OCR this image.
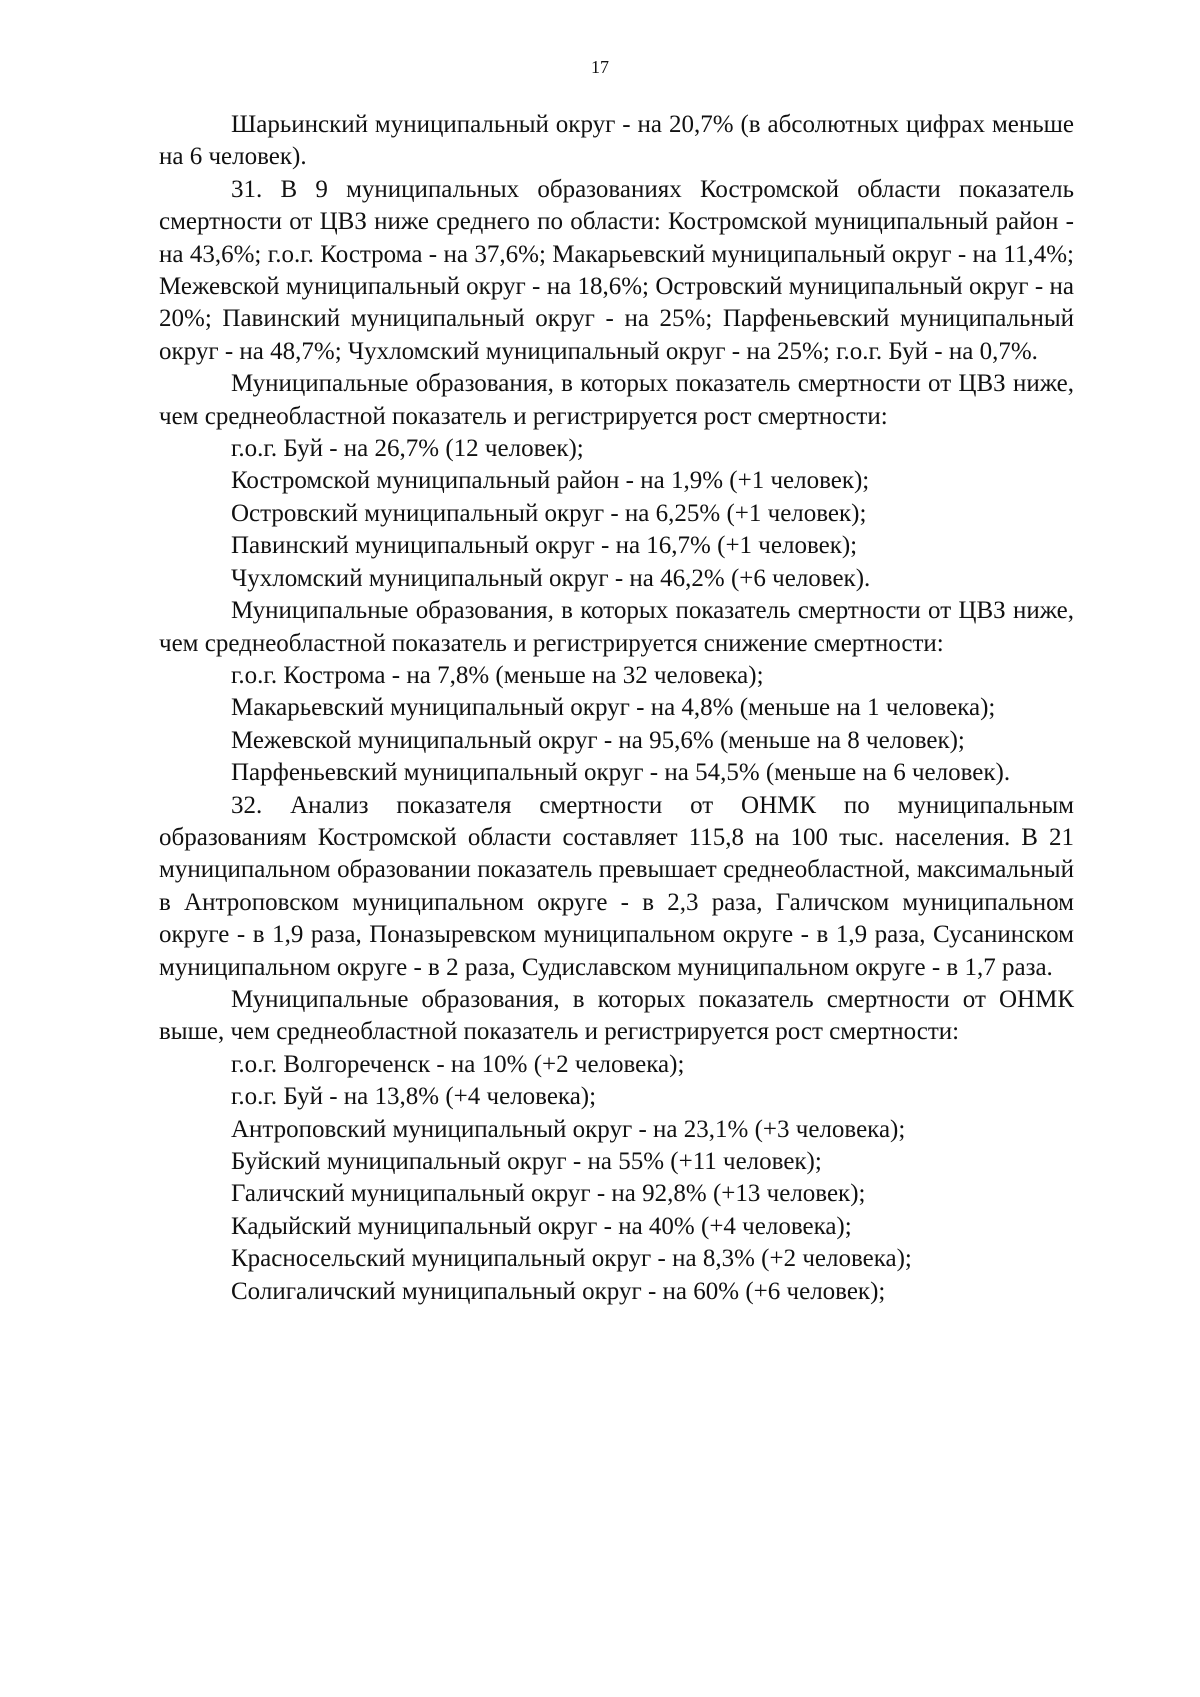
17

Шарьинский муниципальный округ - на 20,7% (в абсолютных цифрах меньше на 6 человек).

31. В 9 муниципальных образованиях Костромской области показатель смертности от ЦВЗ ниже среднего по области: Костромской муниципальный район - на 43,6%; г.о.г. Кострома - на 37,6%; Макарьевский муниципальный округ - на 11,4%; Межевской муниципальный округ - на 18,6%; Островский муниципальный округ - на 20%; Павинский муниципальный округ - на 25%; Парфеньевский муниципальный округ - на 48,7%; Чухломский муниципальный округ - на 25%; г.о.г. Буй - на 0,7%.

Муниципальные образования, в которых показатель смертности от ЦВЗ ниже, чем среднеобластной показатель и регистрируется рост смертности:

г.о.г. Буй - на 26,7% (12 человек);

Костромской муниципальный район - на 1,9% (+1 человек);

Островский муниципальный округ - на 6,25% (+1 человек);

Павинский муниципальный округ - на 16,7% (+1 человек);

Чухломский муниципальный округ - на 46,2% (+6 человек).

Муниципальные образования, в которых показатель смертности от ЦВЗ ниже, чем среднеобластной показатель и регистрируется снижение смертности:

г.о.г. Кострома - на 7,8% (меньше на 32 человека);

Макарьевский муниципальный округ - на 4,8% (меньше на 1 человека);

Межевской муниципальный округ - на 95,6% (меньше на 8 человек);

Парфеньевский муниципальный округ - на 54,5% (меньше на 6 человек).

32. Анализ показателя смертности от ОНМК по муниципальным образованиям Костромской области составляет 115,8 на 100 тыс. населения. В 21 муниципальном образовании показатель превышает среднеобластной, максимальный в Антроповском муниципальном округе - в 2,3 раза, Галичском муниципальном округе - в 1,9 раза, Поназыревском муниципальном округе - в 1,9 раза, Сусанинском муниципальном округе - в 2 раза, Судиславском муниципальном округе - в 1,7 раза.

Муниципальные образования, в которых показатель смертности от ОНМК выше, чем среднеобластной показатель и регистрируется рост смертности:

г.о.г. Волгореченск - на 10% (+2 человека);

г.о.г. Буй - на 13,8% (+4 человека);

Антроповский муниципальный округ - на 23,1% (+3 человека);

Буйский муниципальный округ - на 55% (+11 человек);

Галичский муниципальный округ - на 92,8% (+13 человек);

Кадыйский муниципальный округ - на 40% (+4 человека);

Красносельский муниципальный округ - на 8,3% (+2 человека);

Солигаличский муниципальный округ - на 60% (+6 человек);
